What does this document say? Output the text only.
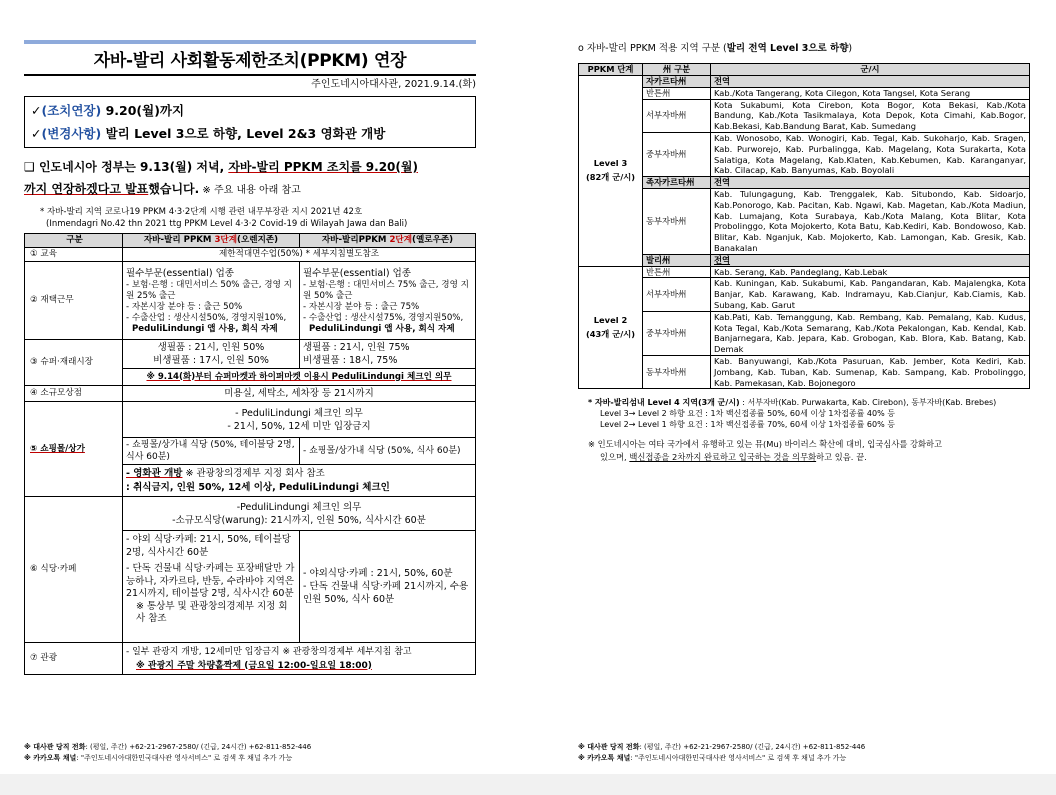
자바-발리 사회활동제한조치(PPKM) 연장
주인도네시아대사관, 2021.9.14.(화)
✓(조치연장) 9.20(월)까지
✓(변경사항) 발리 Level 3으로 하향, Level 2&3 영화관 개방
❑ 인도네시아 정부는 9.13(월) 저녁, 자바-발리 PPKM 조치를 9.20(월)
까지 연장하겠다고 발표했습니다. ※ 주요 내용 아래 참고
* 자바-발리 지역 코로나19 PPKM 4·3·2단계 시행 관련 내무부장관 지시 2021년 42호
(Inmendagri No.42 thn 2021 ttg PPKM Level 4·3·2 Covid-19 di Wilayah Jawa dan Bali)
구분	자바-발리 PPKM 3단계(오렌지존)	자바-발리PPKM 2단계(옐로우존)
① 교육	제한적대면수업(50%) * 세부지침별도참조	
② 재택근무	필수부문(essential) 업종
- 보험·은행 : 대민서비스 50% 출근, 경영 지원 25% 출근
- 자본시장 분야 등 : 출근 50%
- 수출산업 : 생산시설50%, 경영지원10%,
PeduliLindungi 앱 사용, 회식 자제	필수부문(essential) 업종
- 보험·은행 : 대민서비스 75% 출근, 경영 지원 50% 출근
- 자본시장 분야 등 : 출근 75%
- 수출산업 : 생산시설75%, 경영지원50%,
PeduliLindungi 앱 사용, 회식 자제

③ 슈퍼·재래시장	생필품 : 21시, 인원 50%
비생필품 : 17시, 인원 50%	생필품 : 21시, 인원 75%
비생필품 : 18시, 75%

	※ 9.14(화)부터 슈퍼마켓과 하이퍼마켓 이용시 PeduliLindungi 체크인 의무	
④ 소규모상점	미용실, 세탁소, 세차장 등 21시까지	
⑤ 쇼핑몰/상가	- PeduliLindungi 체크인 의무
- 21시, 50%, 12세 미만 입장금지	

	- 쇼핑몰/상가내 식당 (50%, 테이블당 2명, 식사 60분)	- 쇼핑몰/상가내 식당 (50%, 식사 60분)

	- 영화관 개방 ※ 관광창의경제부 지정 회사 참조
: 취식금지, 인원 50%, 12세 이상, PeduliLindungi 체크인	

⑥ 식당·카페	-PeduliLindungi 체크인 의무
-소규모식당(warung): 21시까지, 인원 50%, 식사시간 60분	

	- 야외 식당·카페: 21시, 50%, 테이블당 2명, 식사시간 60분
- 단독 건물내 식당·카페는 포장배달만 가능하나, 자카르타, 반둥, 수라바야 지역은 21시까지, 테이블당 2명, 식사시간 60분
※ 통상부 및 관광창의경제부 지정 회사 참조	- 야외식당·카페 : 21시, 50%, 60분
- 단독 건물내 식당·카페 21시까지, 수용인원 50%, 식사 60분

⑦ 관광	- 일부 관광지 개방, 12세미만 입장금지 ※ 관광창의경제부 세부지침 참고
※ 관광지 주말 차량홀짝제 (금요일 12:00-일요일 18:00)	
※ 대사관 당직 전화: (평일, 주간) +62-21-2967-2580/ (긴급, 24시간) +62-811-852-446
※ 카카오톡 채널: "주인도네시아대한민국대사관 영사서비스" 로 검색 후 채널 추가 가능
o 자바-발리 PPKM 적용 지역 구분 (발리 전역 Level 3으로 하향)
PPKM 단계	州 구분	군/시

Level 3
(82개 군/시)	자카르타州	전역
	반튼州	Kab./Kota Tangerang, Kota Cilegon, Kota Tangsel, Kota Serang
	서부자바州	Kota Sukabumi, Kota Cirebon, Kota Bogor, Kota Bekasi, Kab./Kota Bandung, Kab./Kota Tasikmalaya, Kota Depok, Kota Cimahi, Kab.Bogor, Kab.Bekasi, Kab.Bandung Barat, Kab. Sumedang
	중부자바州	Kab. Wonosobo, Kab. Wonogiri, Kab. Tegal, Kab. Sukoharjo, Kab. Sragen, Kab. Purworejo, Kab. Purbalingga, Kab. Magelang, Kota Surakarta, Kota Salatiga, Kota Magelang, Kab.Klaten, Kab.Kebumen, Kab. Karanganyar, Kab. Cilacap, Kab. Banyumas, Kab. Boyolali
	족자카르타州	전역
	동부자바州	Kab. Tulungagung, Kab. Trenggalek, Kab. Situbondo, Kab. Sidoarjo, Kab.Ponorogo, Kab. Pacitan, Kab. Ngawi, Kab. Magetan, Kab./Kota Madiun, Kab. Lumajang, Kota Surabaya, Kab./Kota Malang, Kota Blitar, Kota Probolinggo, Kota Mojokerto, Kota Batu, Kab.Kediri, Kab. Bondowoso, Kab. Blitar, Kab. Nganjuk, Kab. Mojokerto, Kab. Lamongan, Kab. Gresik, Kab. Banakalan
	발리州	전역

Level 2
(43개 군/시)	반튼州	Kab. Serang, Kab. Pandeglang, Kab.Lebak
	서부자바州	Kab. Kuningan, Kab. Sukabumi, Kab. Pangandaran, Kab. Majalengka, Kota Banjar, Kab. Karawang, Kab. Indramayu, Kab.Cianjur, Kab.Ciamis, Kab. Subang, Kab. Garut
	중부자바州	Kab.Pati, Kab. Temanggung, Kab. Rembang, Kab. Pemalang, Kab. Kudus, Kota Tegal, Kab./Kota Semarang, Kab./Kota Pekalongan, Kab. Kendal, Kab. Banjarnegara, Kab. Jepara, Kab. Grobogan, Kab. Blora, Kab. Batang, Kab. Demak
	동부자바州	Kab. Banyuwangi, Kab./Kota Pasuruan, Kab. Jember, Kota Kediri, Kab. Jombang, Kab. Tuban, Kab. Sumenap, Kab. Sampang, Kab. Probolinggo, Kab. Pamekasan, Kab. Bojonegoro
* 자바-발리섬내 Level 4 지역(3개 군/시) : 서부자바(Kab. Purwakarta, Kab. Cirebon), 동부자바(Kab. Brebes)
Level 3→ Level 2 하향 요건 : 1차 백신접종률 50%, 60세 이상 1차접종률 40% 등
Level 2→ Level 1 하향 요건 : 1차 백신접종률 70%, 60세 이상 1차접종률 60% 등
※ 인도네시아는 여타 국가에서 유행하고 있는 뮤(Mu) 바이러스 확산에 대비, 입국심사를 강화하고
있으며, 백신접종을 2차까지 완료하고 입국하는 것을 의무화하고 있음. 끝.
※ 대사관 당직 전화: (평일, 주간) +62-21-2967-2580/ (긴급, 24시간) +62-811-852-446
※ 카카오톡 채널: "주인도네시아대한민국대사관 영사서비스" 로 검색 후 채널 추가 가능
